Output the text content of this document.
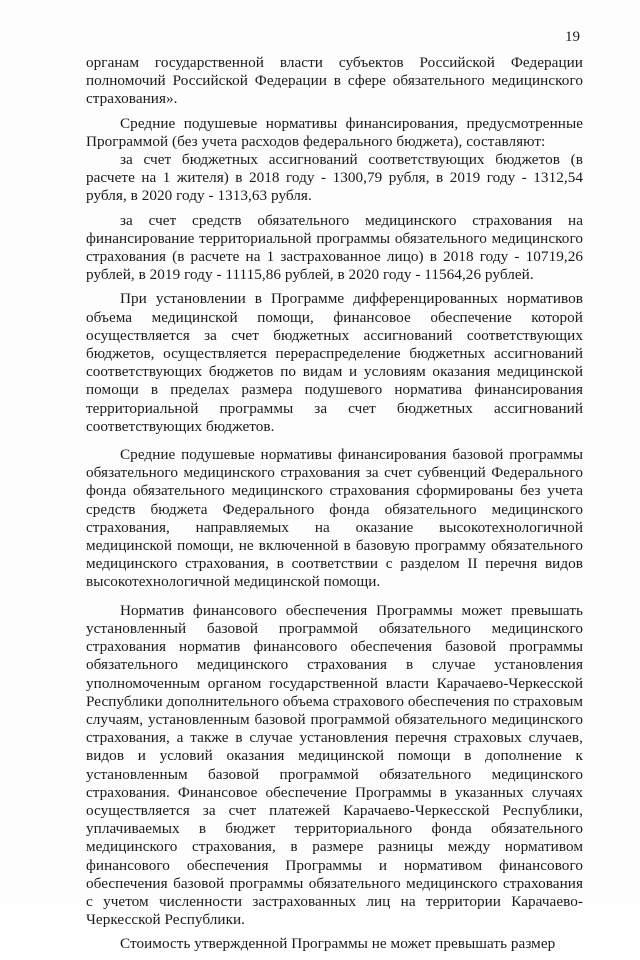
19

органам государственной власти субъектов Российской Федерации полномочий Российской Федерации в сфере обязательного медицинского страхования».

Средние подушевые нормативы финансирования, предусмотренные Программой (без учета расходов федерального бюджета), составляют:

за счет бюджетных ассигнований соответствующих бюджетов (в расчете на 1 жителя) в 2018 году - 1300,79 рубля, в 2019 году - 1312,54 рубля, в 2020 году - 1313,63 рубля.

за счет средств обязательного медицинского страхования на финансирование территориальной программы обязательного медицинского страхования (в расчете на 1 застрахованное лицо) в 2018 году - 10719,26 рублей, в 2019 году - 11115,86 рублей, в 2020 году - 11564,26 рублей.

При установлении в Программе дифференцированных нормативов объема медицинской помощи, финансовое обеспечение которой осуществляется за счет бюджетных ассигнований соответствующих бюджетов, осуществляется перераспределение бюджетных ассигнований соответствующих бюджетов по видам и условиям оказания медицинской помощи в пределах размера подушевого норматива финансирования территориальной программы за счет бюджетных ассигнований соответствующих бюджетов.

Средние подушевые нормативы финансирования базовой программы обязательного медицинского страхования за счет субвенций Федерального фонда обязательного медицинского страхования сформированы без учета средств бюджета Федерального фонда обязательного медицинского страхования, направляемых на оказание высокотехнологичной медицинской помощи, не включенной в базовую программу обязательного медицинского страхования, в соответствии с разделом II перечня видов высокотехнологичной медицинской помощи.

Норматив финансового обеспечения Программы может превышать установленный базовой программой обязательного медицинского страхования норматив финансового обеспечения базовой программы обязательного медицинского страхования в случае установления уполномоченным органом государственной власти Карачаево-Черкесской Республики дополнительного объема страхового обеспечения по страховым случаям, установленным базовой программой обязательного медицинского страхования, а также в случае установления перечня страховых случаев, видов и условий оказания медицинской помощи в дополнение к установленным базовой программой обязательного медицинского страхования. Финансовое обеспечение Программы в указанных случаях осуществляется за счет платежей Карачаево-Черкесской Республики, уплачиваемых в бюджет территориального фонда обязательного медицинского страхования, в размере разницы между нормативом финансового обеспечения Программы и нормативом финансового обеспечения базовой программы обязательного медицинского страхования с учетом численности застрахованных лиц на территории Карачаево-Черкесской Республики.

Стоимость утвержденной Программы не может превышать размер
